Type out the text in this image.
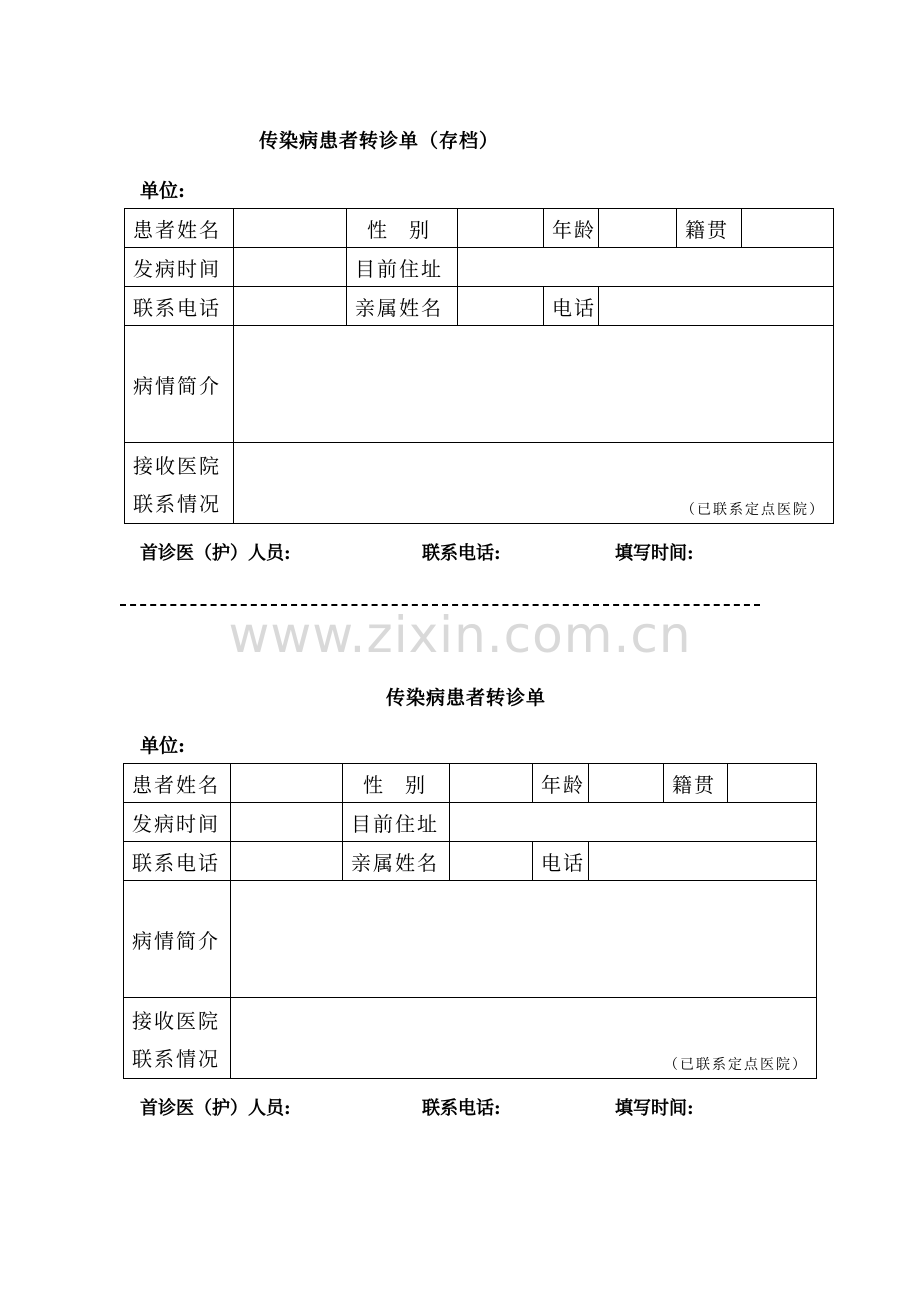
传染病患者转诊单（存档）
单位:
患者姓名		性别		年龄		籍贯	
发病时间		目前住址					
联系电话		亲属姓名		电话			
病情简介							

接收医院
联系情况	（已联系定点医院）						
首诊医（护）人员:	联系电话:	填写时间:
www.zixin.com.cn
传染病患者转诊单
单位:
患者姓名		性别		年龄		籍贯	
发病时间		目前住址					
联系电话		亲属姓名		电话			
病情简介							

接收医院
联系情况	（已联系定点医院）						
首诊医（护）人员:	联系电话:	填写时间:
